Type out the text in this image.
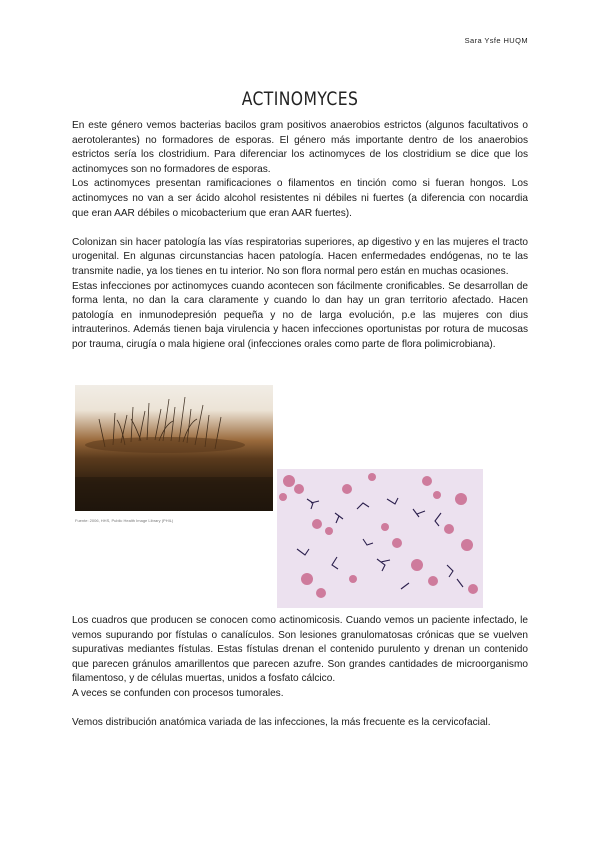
Sara Ysfe HUQM
ACTINOMYCES

En este género vemos bacterias bacilos gram positivos anaerobios estrictos (algunos facultativos o aerotolerantes) no formadores de esporas. El género más importante dentro de los anaerobios estrictos sería los clostridium. Para diferenciar los actinomyces de los clostridium se dice que los actinomyces son no formadores de esporas.

Los actinomyces presentan ramificaciones o filamentos en tinción como si fueran hongos. Los actinomyces no van a ser ácido alcohol resistentes ni débiles ni fuertes (a diferencia con nocardia que eran AAR débiles o micobacterium que eran AAR fuertes).

Colonizan sin hacer patología las vías respiratorias superiores, ap digestivo y en las mujeres el tracto urogenital. En algunas circunstancias hacen patología. Hacen enfermedades endógenas, no te las transmite nadie, ya los tienes en tu interior. No son flora normal pero están en muchas ocasiones.

Estas infecciones por actinomyces cuando acontecen son fácilmente cronificables. Se desarrollan de forma lenta, no dan la cara claramente y cuando lo dan hay un gran territorio afectado. Hacen patología en inmunodepresión pequeña y no de larga evolución, p.e las mujeres con dius intrauterinos. Además tienen baja virulencia y hacen infecciones oportunistas por rotura de mucosas por trauma, cirugía o mala higiene oral (infecciones orales como parte de flora polimicrobiana).

Fuente: 2006, HHS, Public Health Image Library (PHIL)

Los cuadros que producen se conocen como actinomicosis. Cuando vemos un paciente infectado, le vemos supurando por fístulas o canalículos. Son lesiones granulomatosas crónicas que se vuelven supurativas mediantes fístulas. Estas fístulas drenan el contenido purulento y drenan un contenido que parecen gránulos amarillentos que parecen azufre. Son grandes cantidades de microorganismo filamentoso, y de células muertas, unidos a fosfato cálcico.

A veces se confunden con procesos tumorales.

Vemos distribución anatómica variada de las infecciones, la más frecuente es la cervicofacial.
